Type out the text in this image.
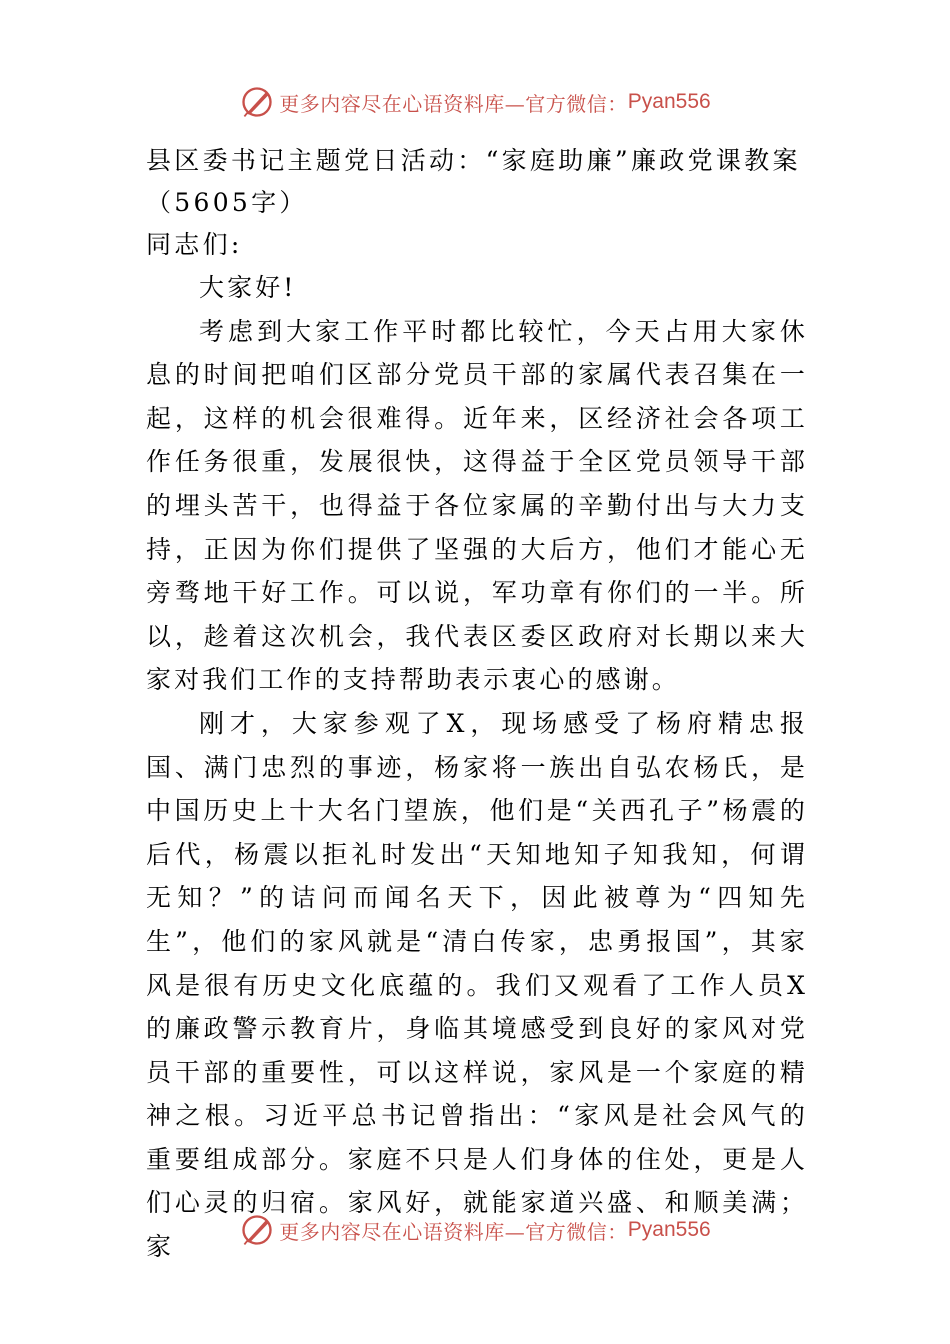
更多内容尽在心语资料库—官方微信： Pyan556

县区委书记主题党日活动：“家庭助廉”廉政党课教案

（5605字）

同志们:

大家好!

考虑到大家工作平时都比较忙，今天占用大家休息的时间把咱们区部分党员干部的家属代表召集在一起，这样的机会很难得。近年来，区经济社会各项工作任务很重，发展很快，这得益于全区党员领导干部的埋头苦干，也得益于各位家属的辛勤付出与大力支持，正因为你们提供了坚强的大后方，他们才能心无旁骛地干好工作。可以说，军功章有你们的一半。所以，趁着这次机会，我代表区委区政府对长期以来大家对我们工作的支持帮助表示衷心的感谢。

刚才，大家参观了X，现场感受了杨府精忠报国、满门忠烈的事迹，杨家将一族出自弘农杨氏，是中国历史上十大名门望族，他们是“关西孔子”杨震的后代，杨震以拒礼时发出“天知地知子知我知，何谓无知？”的诘问而闻名天下，因此被尊为“四知先生”，他们的家风就是“清白传家，忠勇报国”，其家风是很有历史文化底蕴的。我们又观看了工作人员X的廉政警示教育片，身临其境感受到良好的家风对党员干部的重要性，可以这样说，家风是一个家庭的精神之根。习近平总书记曾指出：“家风是社会风气的重要组成部分。家庭不只是人们身体的住处，更是人们心灵的归宿。家风好，就能家道兴盛、和顺美满；家

更多内容尽在心语资料库—官方微信： Pyan556
